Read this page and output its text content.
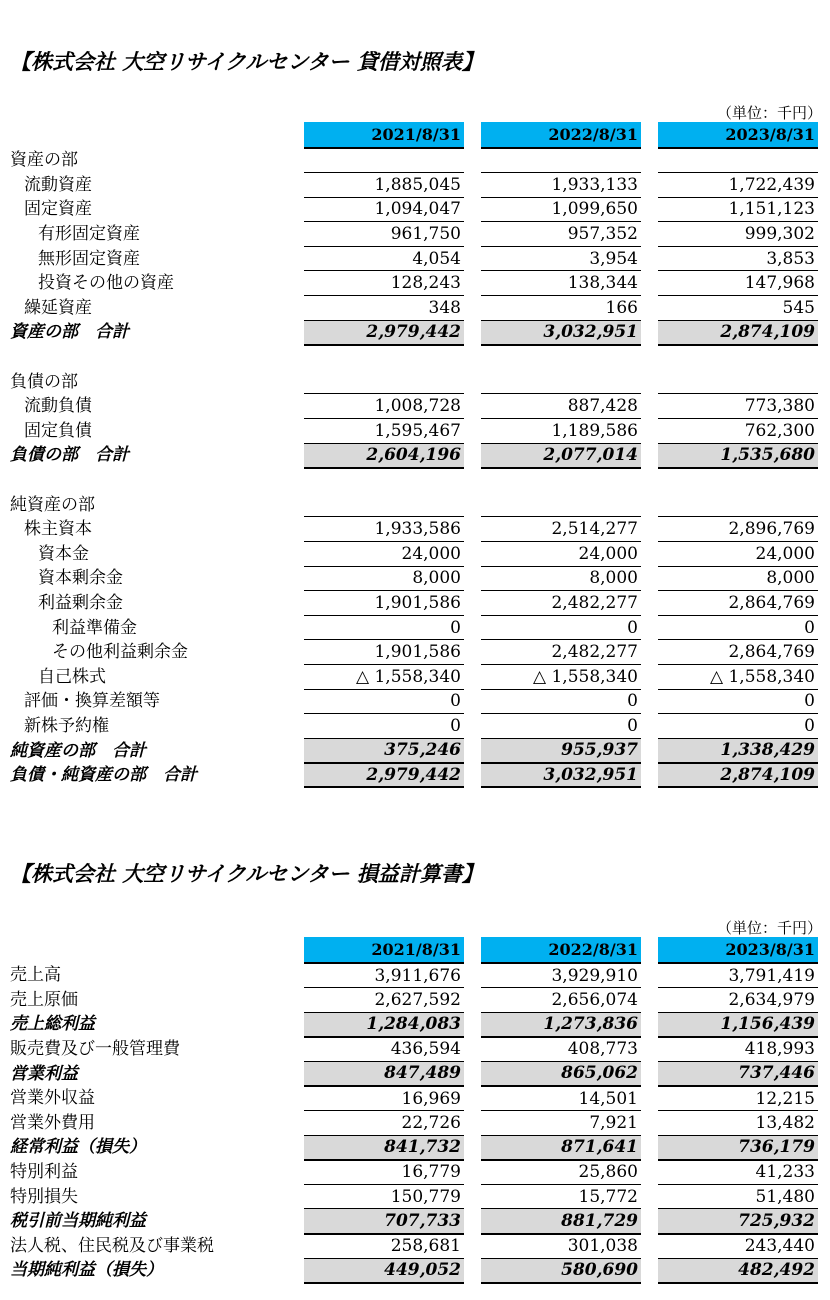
【株式会社 大空リサイクルセンター 貸借対照表】
（単位：千円）
	2021/8/31		2022/8/31		2023/8/31
資産の部					
流動資産	1,885,045		1,933,133		1,722,439
固定資産	1,094,047		1,099,650		1,151,123
有形固定資産	961,750		957,352		999,302
無形固定資産	4,054		3,954		3,853
投資その他の資産	128,243		138,344		147,968
繰延資産	348		166		545
資産の部　合計	2,979,442		3,032,951		2,874,109

負債の部					
流動負債	1,008,728		887,428		773,380
固定負債	1,595,467		1,189,586		762,300
負債の部　合計	2,604,196		2,077,014		1,535,680

純資産の部					
株主資本	1,933,586		2,514,277		2,896,769
資本金	24,000		24,000		24,000
資本剰余金	8,000		8,000		8,000
利益剰余金	1,901,586		2,482,277		2,864,769
利益準備金	0		0		0
その他利益剰余金	1,901,586		2,482,277		2,864,769
自己株式	△ 1,558,340		△ 1,558,340		△ 1,558,340
評価・換算差額等	0		0		0
新株予約権	0		0		0
純資産の部　合計	375,246		955,937		1,338,429
負債・純資産の部　合計	2,979,442		3,032,951		2,874,109
【株式会社 大空リサイクルセンター 損益計算書】
（単位：千円）
	2021/8/31		2022/8/31		2023/8/31
売上高	3,911,676		3,929,910		3,791,419
売上原価	2,627,592		2,656,074		2,634,979
売上総利益	1,284,083		1,273,836		1,156,439
販売費及び一般管理費	436,594		408,773		418,993
営業利益	847,489		865,062		737,446
営業外収益	16,969		14,501		12,215
営業外費用	22,726		7,921		13,482
経常利益（損失）	841,732		871,641		736,179
特別利益	16,779		25,860		41,233
特別損失	150,779		15,772		51,480
税引前当期純利益	707,733		881,729		725,932
法人税、住民税及び事業税	258,681		301,038		243,440
当期純利益（損失）	449,052		580,690		482,492
